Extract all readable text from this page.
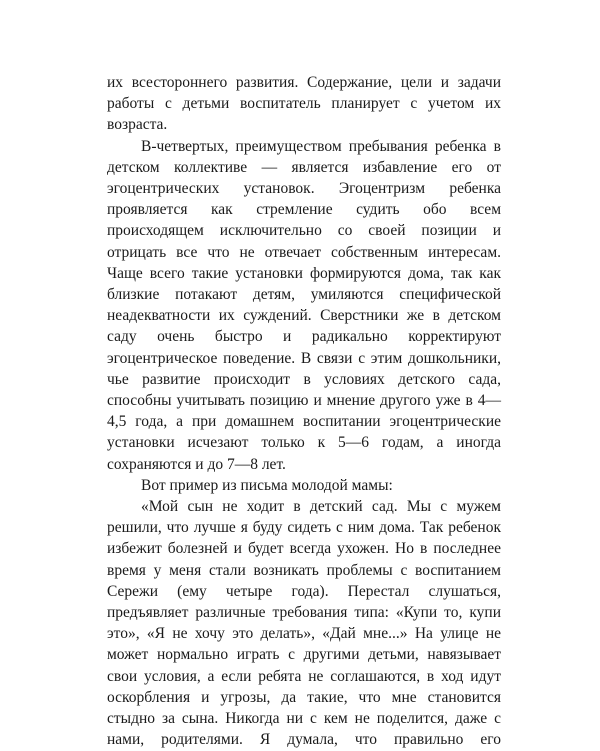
их всестороннего развития. Содержание, цели и задачи
работы с детьми воспитатель планирует с учетом их
возраста.
В-четвертых, преимуществом пребывания ребенка в
детском коллективе — является избавление его от
эгоцентрических установок. Эгоцентризм ребенка
проявляется как стремление судить обо всем
происходящем исключительно со своей позиции и
отрицать все что не отвечает собственным интересам.
Чаще всего такие установки формируются дома, так как
близкие потакают детям, умиляются специфической
неадекватности их суждений. Сверстники же в детском
саду очень быстро и радикально корректируют
эгоцентрическое поведение. В связи с этим дошкольники,
чье развитие происходит в условиях детского сада,
способны учитывать позицию и мнение другого уже в 4—
4,5 года, а при домашнем воспитании эгоцентрические
установки исчезают только к 5—6 годам, а иногда
сохраняются и до 7—8 лет.
Вот пример из письма молодой мамы:
«Мой сын не ходит в детский сад. Мы с мужем
решили, что лучше я буду сидеть с ним дома. Так ребенок
избежит болезней и будет всегда ухожен. Но в последнее
время у меня стали возникать проблемы с воспитанием
Сережи (ему четыре года). Перестал слушаться,
предъявляет различные требования типа: «Купи то, купи
это», «Я не хочу это делать», «Дай мне...» На улице не
может нормально играть с другими детьми, навязывает
свои условия, а если ребята не соглашаются, в ход идут
оскорбления и угрозы, да такие, что мне становится
стыдно за сына. Никогда ни с кем не поделится, даже с
нами, родителями. Я думала, что правильно его
